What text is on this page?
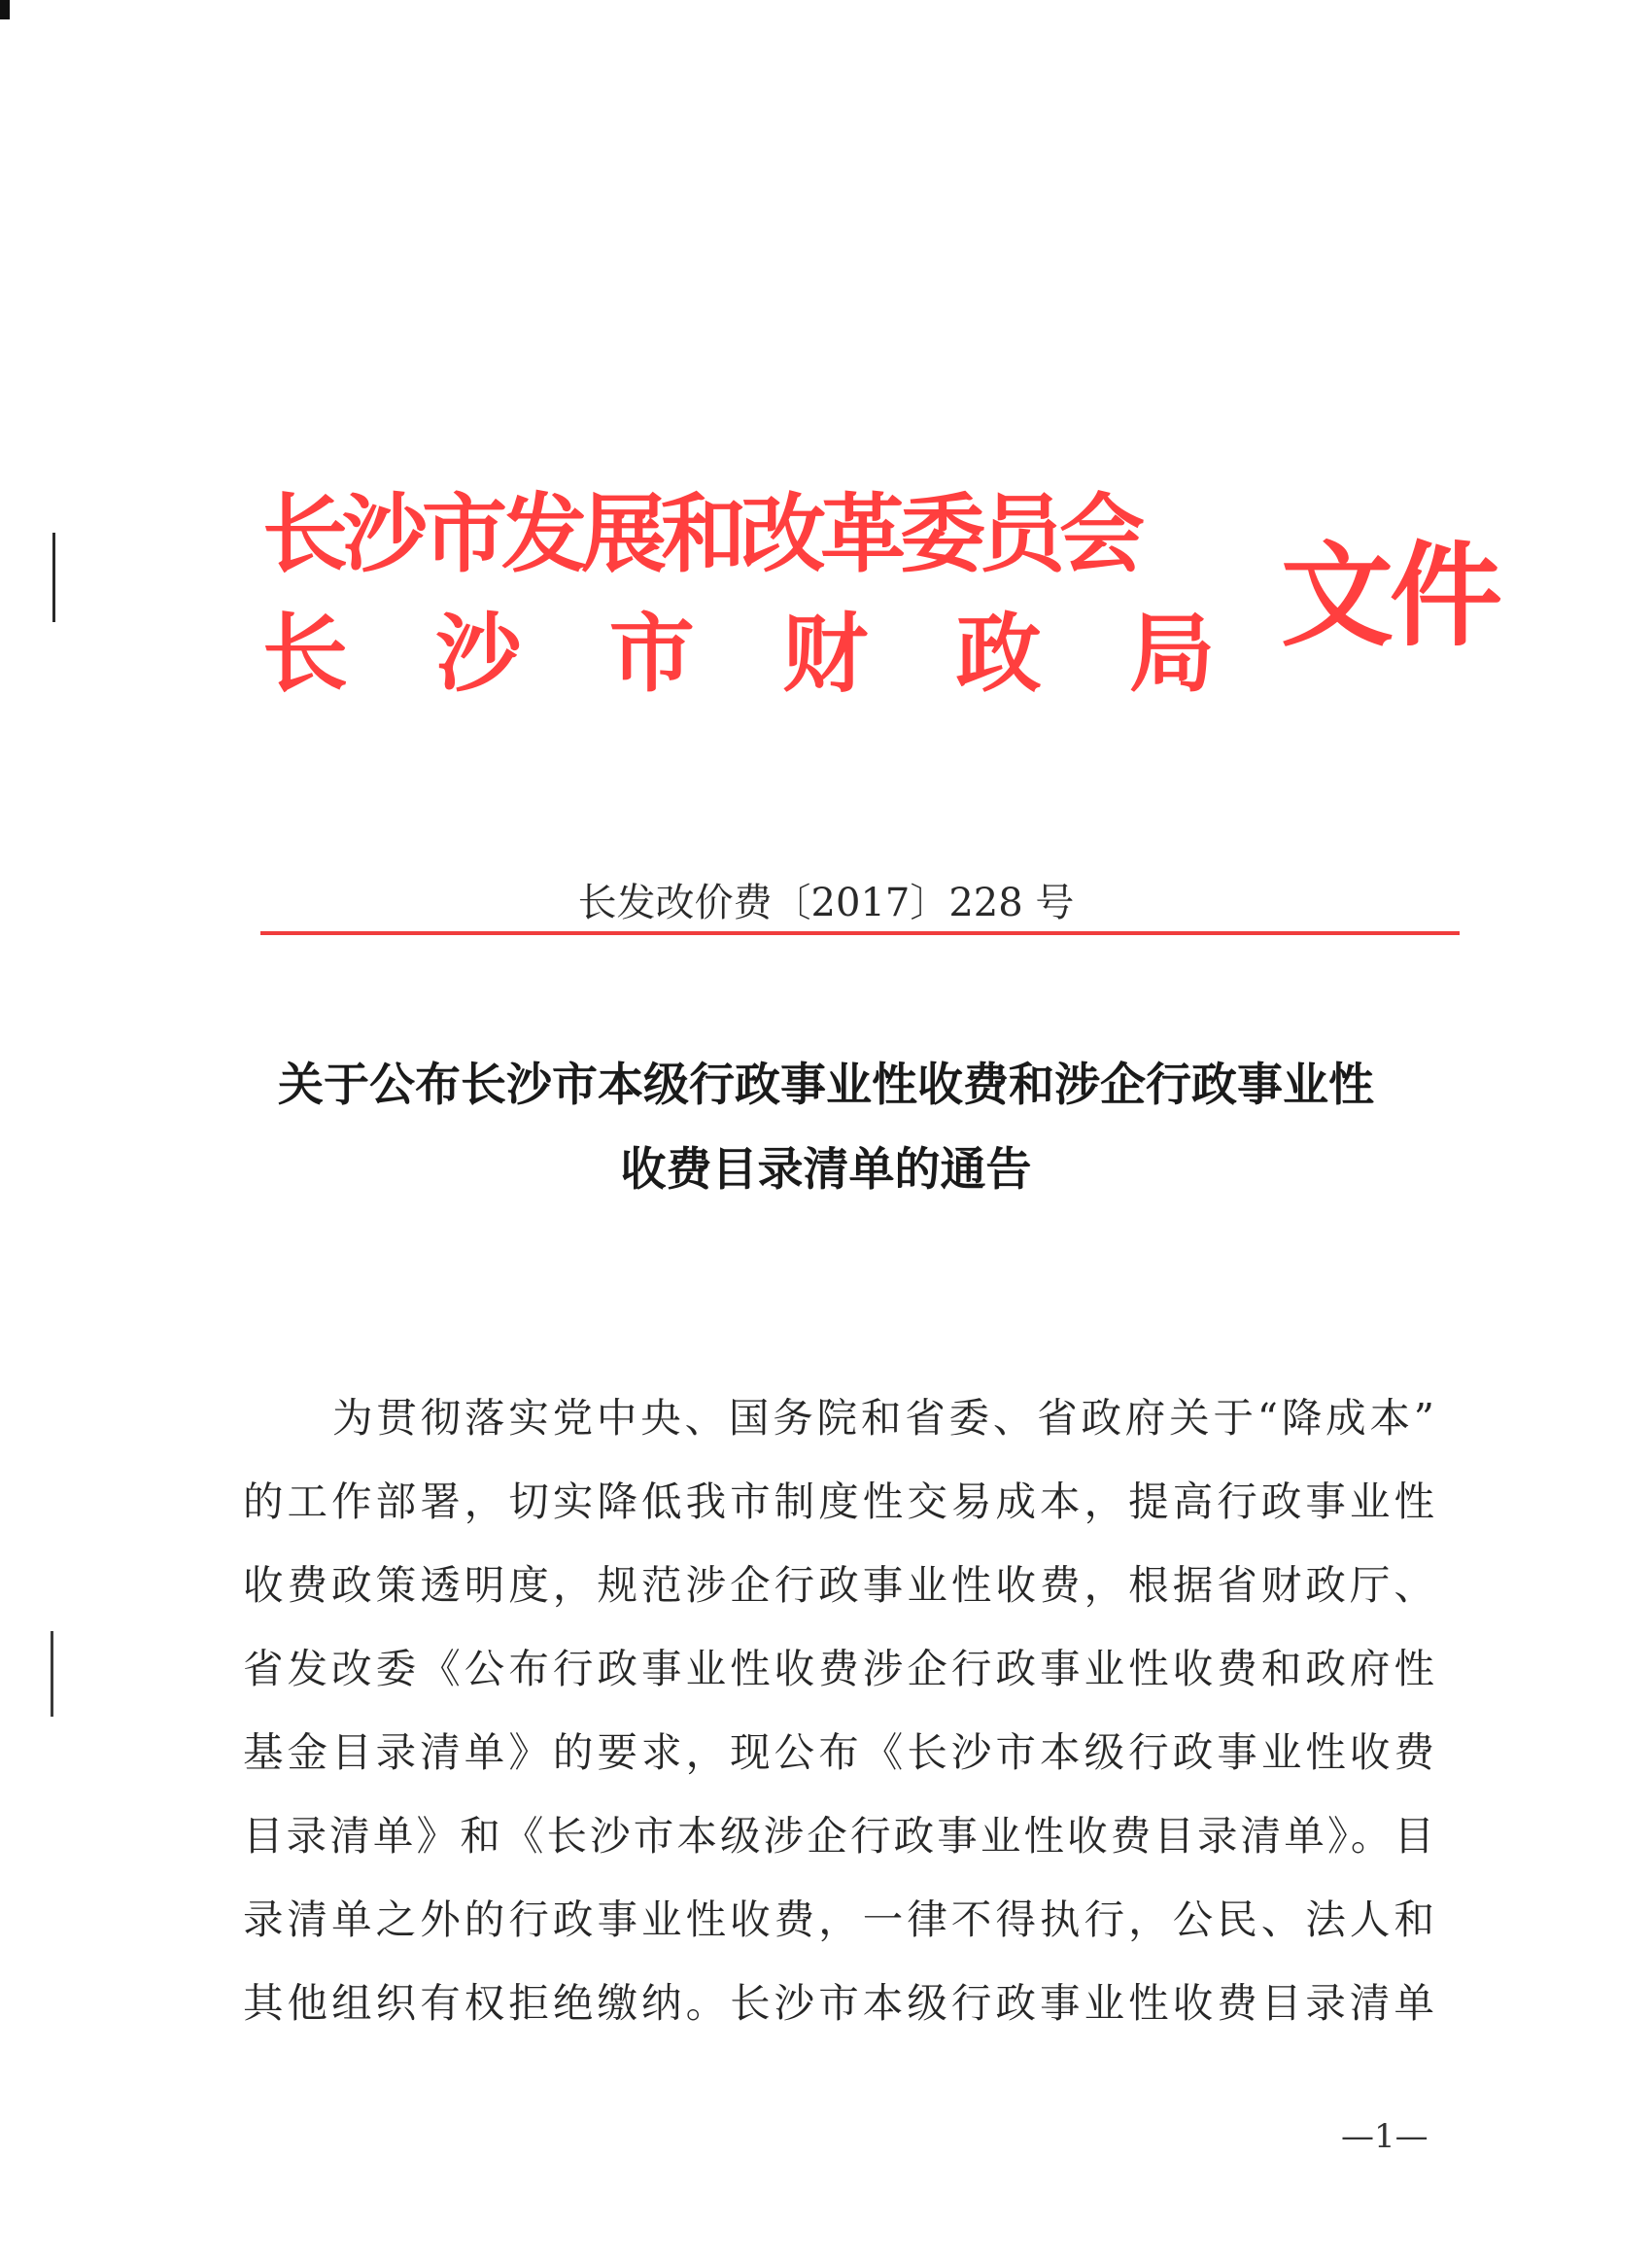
长沙市发展和改革委员会
长 沙 市 财 政 局 文件
长发改价费〔2017〕228 号
关于公布长沙市本级行政事业性收费和涉企行政事业性
收费目录清单的通告
为贯彻落实党中央、国务院和省委、省政府关于“降成本”
的工作部署，切实降低我市制度性交易成本，提高行政事业性
收费政策透明度，规范涉企行政事业性收费，根据省财政厅、
省发改委《公布行政事业性收费涉企行政事业性收费和政府性
基金目录清单》的要求，现公布《长沙市本级行政事业性收费
目录清单》和《长沙市本级涉企行政事业性收费目录清单》。目
录清单之外的行政事业性收费，一律不得执行，公民、法人和
其他组织有权拒绝缴纳。长沙市本级行政事业性收费目录清单
—1—
